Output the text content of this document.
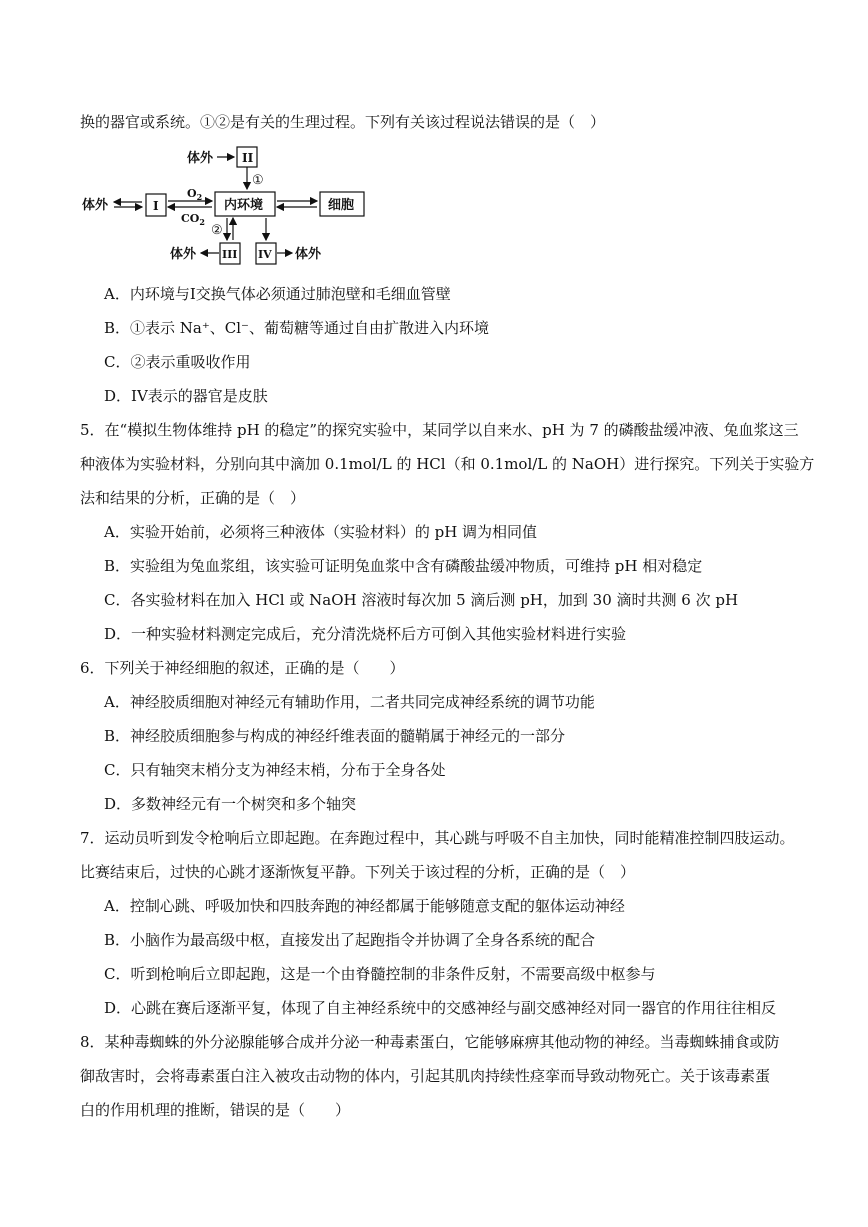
换的器官或系统。①②是有关的生理过程。下列有关该过程说法错误的是（　）
体外 II
①
体外	I
$O_2$
$CO_2$
内环境	细胞
②
III
体外	IV 体外
A．内环境与I交换气体必须通过肺泡壁和毛细血管壁
B．①表示 Na⁺、Cl⁻、葡萄糖等通过自由扩散进入内环境
C．②表示重吸收作用
D．IV表示的器官是皮肤
5．在“模拟生物体维持 pH 的稳定”的探究实验中，某同学以自来水、pH 为 7 的磷酸盐缓冲液、兔血浆这三
种液体为实验材料，分别向其中滴加 0.1mol/L 的 HCl（和 0.1mol/L 的 NaOH）进行探究。下列关于实验方
法和结果的分析，正确的是（　）
A．实验开始前，必须将三种液体（实验材料）的 pH 调为相同值
B．实验组为兔血浆组，该实验可证明兔血浆中含有磷酸盐缓冲物质，可维持 pH 相对稳定
C．各实验材料在加入 HCl 或 NaOH 溶液时每次加 5 滴后测 pH，加到 30 滴时共测 6 次 pH
D．一种实验材料测定完成后，充分清洗烧杯后方可倒入其他实验材料进行实验
6．下列关于神经细胞的叙述，正确的是（　　）
A．神经胶质细胞对神经元有辅助作用，二者共同完成神经系统的调节功能
B．神经胶质细胞参与构成的神经纤维表面的髓鞘属于神经元的一部分
C．只有轴突末梢分支为神经末梢，分布于全身各处
D．多数神经元有一个树突和多个轴突
7．运动员听到发令枪响后立即起跑。在奔跑过程中，其心跳与呼吸不自主加快，同时能精准控制四肢运动。
比赛结束后，过快的心跳才逐渐恢复平静。下列关于该过程的分析，正确的是（　）
A．控制心跳、呼吸加快和四肢奔跑的神经都属于能够随意支配的躯体运动神经
B．小脑作为最高级中枢，直接发出了起跑指令并协调了全身各系统的配合
C．听到枪响后立即起跑，这是一个由脊髓控制的非条件反射，不需要高级中枢参与
D．心跳在赛后逐渐平复，体现了自主神经系统中的交感神经与副交感神经对同一器官的作用往往相反
8．某种毒蜘蛛的外分泌腺能够合成并分泌一种毒素蛋白，它能够麻痹其他动物的神经。当毒蜘蛛捕食或防
御敌害时，会将毒素蛋白注入被攻击动物的体内，引起其肌肉持续性痉挛而导致动物死亡。关于该毒素蛋
白的作用机理的推断，错误的是（　　）
